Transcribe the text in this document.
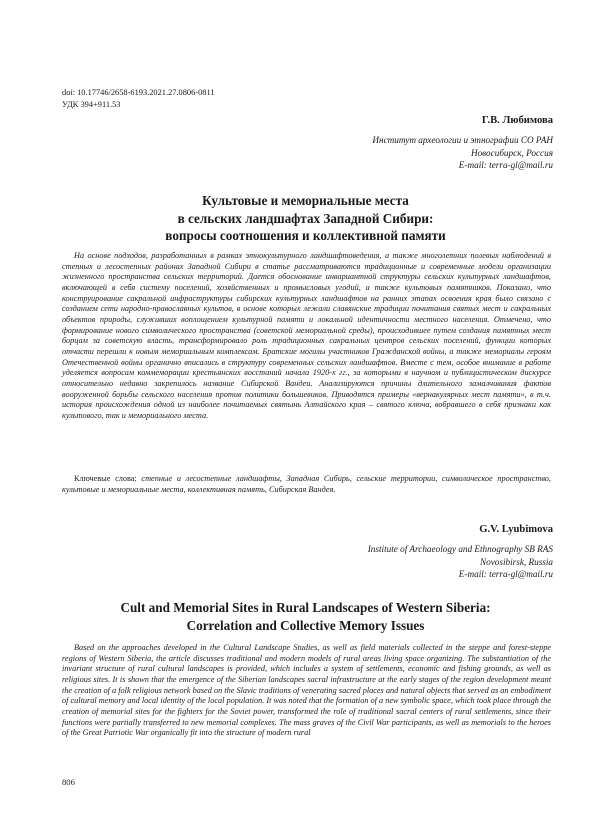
doi: 10.17746/2658-6193.2021.27.0806-0811
УДК 394+911.53
Г.В. Любимова
Институт археологии и этнографии СО РАН
Новосибирск, Россия
E-mail: terra-gl@mail.ru
Культовые и мемориальные места
в сельских ландшафтах Западной Сибири:
вопросы соотношения и коллективной памяти

На основе подходов, разработанных в рамках этнокультурного ландшафтоведения, а также многолетних полевых наблюдений в степных и лесостепных районах Западной Сибири в статье рассматриваются традиционные и современные модели организации жизненного пространства сельских территорий. Дается обоснование инвариантной структуры сельских культурных ландшафтов, включающей в себя систему поселений, хозяйственных и промысловых угодий, а также культовых памятников. Показано, что конструирование сакральной инфраструктуры сибирских культурных ландшафтов на ранних этапах освоения края было связано с созданием сети народно-православных культов, в основе которых лежали славянские традиции почитания святых мест и сакральных объектов природы, служивших воплощением культурной памяти и локальной идентичности местного населения. Отмечено, что формирование нового символического пространства (советской мемориальной среды), происходившее путем создания памятных мест борцам за советскую власть, трансформировало роль традиционных сакральных центров сельских поселений, функции которых отчасти перешли к новым мемориальным комплексам. Братские могилы участников Гражданской войны, а также мемориалы героям Отечественной войны органично вписались в структуру современных сельских ландшафтов. Вместе с тем, особое внимание в работе уделяется вопросам коммеморации крестьянских восстаний начала 1920-х гг., за которыми в научном и публицистическом дискурсе относительно недавно закрепилось название Сибирской Вандеи. Анализируются причины длительного замалчивания фактов вооруженной борьбы сельского населения против политики большевиков. Приводятся примеры «вернакулярных мест памяти», в т.ч. история происхождения одной из наиболее почитаемых святынь Алтайского края – святого ключа, вобравшего в себя признаки как культового, так и мемориального места.

Ключевые слова: степные и лесостепные ландшафты, Западная Сибирь, сельские территории, символическое пространство, культовые и мемориальные места, коллективная память, Сибирская Вандея.

G.V. Lyubimova
Institute of Archaeology and Ethnography SB RAS
Novosibirsk, Russia
E-mail: terra-gl@mail.ru
Cult and Memorial Sites in Rural Landscapes of Western Siberia:
Correlation and Collective Memory Issues

Based on the approaches developed in the Cultural Landscape Studies, as well as field materials collected in the steppe and forest-steppe regions of Western Siberia, the article discusses traditional and modern models of rural areas living space organizing. The substantiation of the invariant structure of rural cultural landscapes is provided, which includes a system of settlements, economic and fishing grounds, as well as religious sites. It is shown that the emergence of the Siberian landscapes sacral infrastructure at the early stages of the region development meant the creation of a folk religious network based on the Slavic traditions of venerating sacred places and natural objects that served as an embodiment of cultural memory and local identity of the local population. It was noted that the formation of a new symbolic space, which took place through the creation of memorial sites for the fighters for the Soviet power, transformed the role of traditional sacral centers of rural settlements, since their functions were partially transferred to new memorial complexes. The mass graves of the Civil War participants, as well as memorials to the heroes of the Great Patriotic War organically fit into the structure of modern rural

806
